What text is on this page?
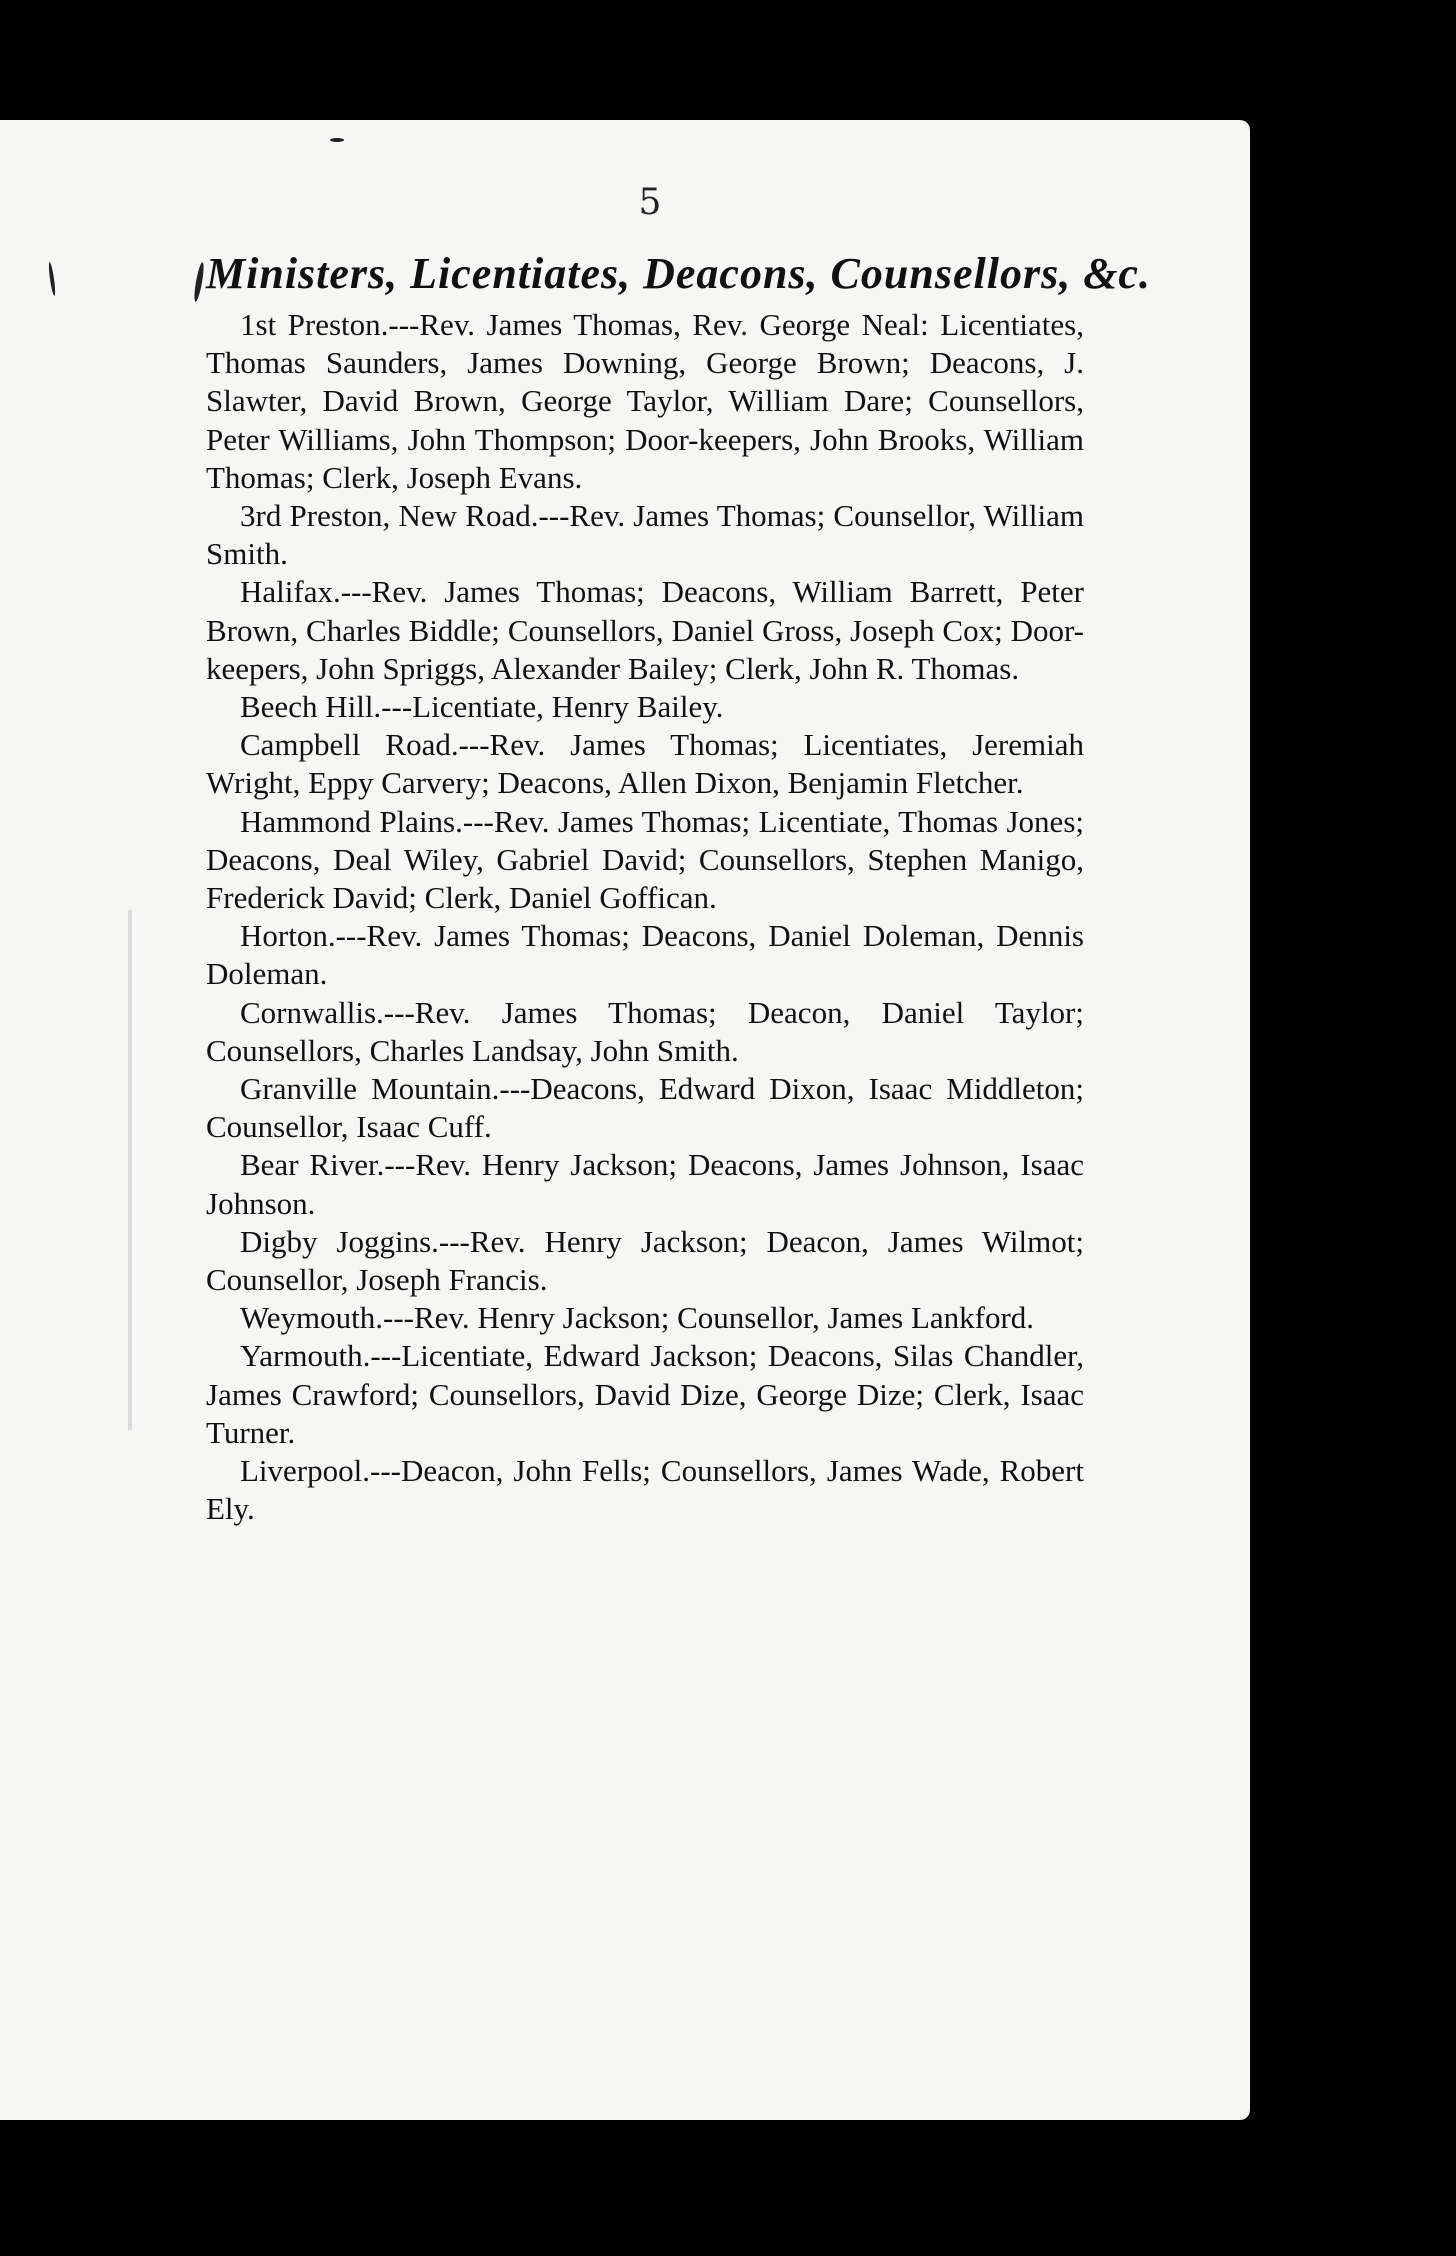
5
Ministers, Licentiates, Deacons, Counsellors, &c.

1st Preston.---Rev. James Thomas, Rev. George Neal: Licentiates, Thomas Saunders, James Downing, George Brown; Deacons, J. Slawter, David Brown, George Taylor, William Dare; Counsellors, Peter Williams, John Thompson; Door-keepers, John Brooks, William Thomas; Clerk, Joseph Evans.

3rd Preston, New Road.---Rev. James Thomas; Counsellor, William Smith.

Halifax.---Rev. James Thomas; Deacons, William Barrett, Peter Brown, Charles Biddle; Counsellors, Daniel Gross, Joseph Cox; Door-keepers, John Spriggs, Alexander Bailey; Clerk, John R. Thomas.

Beech Hill.---Licentiate, Henry Bailey.

Campbell Road.---Rev. James Thomas; Licentiates, Jeremiah Wright, Eppy Carvery; Deacons, Allen Dixon, Benjamin Fletcher.

Hammond Plains.---Rev. James Thomas; Licentiate, Thomas Jones; Deacons, Deal Wiley, Gabriel David; Counsellors, Stephen Manigo, Frederick David; Clerk, Daniel Goffican.

Horton.---Rev. James Thomas; Deacons, Daniel Doleman, Dennis Doleman.

Cornwallis.---Rev. James Thomas; Deacon, Daniel Taylor; Counsellors, Charles Landsay, John Smith.

Granville Mountain.---Deacons, Edward Dixon, Isaac Middleton; Counsellor, Isaac Cuff.

Bear River.---Rev. Henry Jackson; Deacons, James Johnson, Isaac Johnson.

Digby Joggins.---Rev. Henry Jackson; Deacon, James Wilmot; Counsellor, Joseph Francis.

Weymouth.---Rev. Henry Jackson; Counsellor, James Lankford.

Yarmouth.---Licentiate, Edward Jackson; Deacons, Silas Chandler, James Crawford; Counsellors, David Dize, George Dize; Clerk, Isaac Turner.

Liverpool.---Deacon, John Fells; Counsellors, James Wade, Robert Ely.
